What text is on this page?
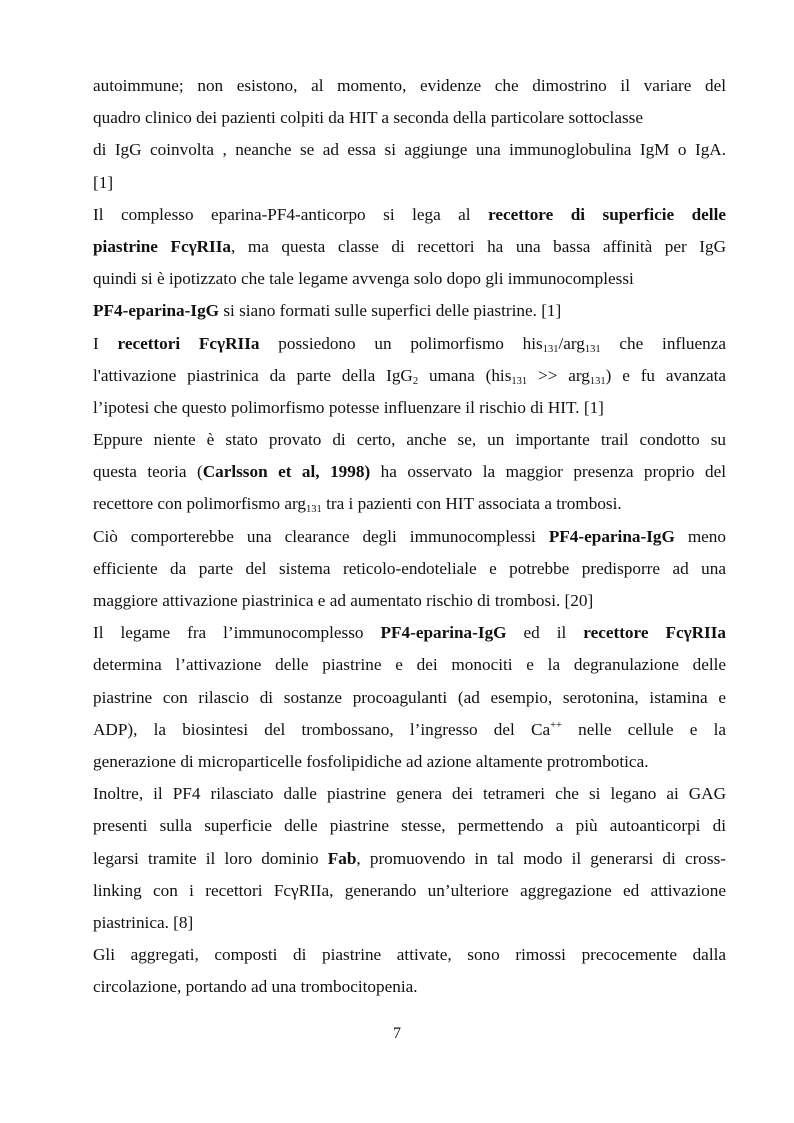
autoimmune; non esistono, al momento, evidenze che dimostrino il variare del
quadro clinico dei pazienti colpiti da HIT a seconda della particolare sottoclasse
di IgG coinvolta , neanche se ad essa si aggiunge una immunoglobulina IgM o IgA.
[1]
Il complesso eparina-PF4-anticorpo si lega al recettore di superficie delle
piastrine FcγRIIa, ma questa classe di recettori ha una bassa affinità per IgG
quindi si è ipotizzato che tale legame avvenga solo dopo gli immunocomplessi
PF4-eparina-IgG si siano formati sulle superfici delle piastrine. [1]
I recettori FcγRIIa possiedono un polimorfismo his$_{131}$/arg$_{131}$ che influenza
l'attivazione piastrinica da parte della IgG$_2$ umana (his$_{131}$ >> arg$_{131}$) e fu avanzata
l’ipotesi che questo polimorfismo potesse influenzare il rischio di HIT. [1]
Eppure niente è stato provato di certo, anche se, un importante trail condotto su
questa teoria (Carlsson et al, 1998) ha osservato la maggior presenza proprio del
recettore con polimorfismo arg$_{131}$ tra i pazienti con HIT associata a trombosi.
Ciò comporterebbe una clearance degli immunocomplessi PF4-eparina-IgG meno
efficiente da parte del sistema reticolo-endoteliale e potrebbe predisporre ad una
maggiore attivazione piastrinica e ad aumentato rischio di trombosi. [20]
Il legame fra l’immunocomplesso PF4-eparina-IgG ed il recettore FcγRIIa
determina l’attivazione delle piastrine e dei monociti e la degranulazione delle
piastrine con rilascio di sostanze procoagulanti (ad esempio, serotonina, istamina e
ADP), la biosintesi del trombossano, l’ingresso del Ca++ nelle cellule e la
generazione di microparticelle fosfolipidiche ad azione altamente protrombotica.
Inoltre, il PF4 rilasciato dalle piastrine genera dei tetrameri che si legano ai GAG
presenti sulla superficie delle piastrine stesse, permettendo a più autoanticorpi di
legarsi tramite il loro dominio Fab, promuovendo in tal modo il generarsi di cross-
linking con i recettori FcγRIIa, generando un’ulteriore aggregazione ed attivazione
piastrinica. [8]
Gli aggregati, composti di piastrine attivate, sono rimossi precocemente dalla
circolazione, portando ad una trombocitopenia.
7
